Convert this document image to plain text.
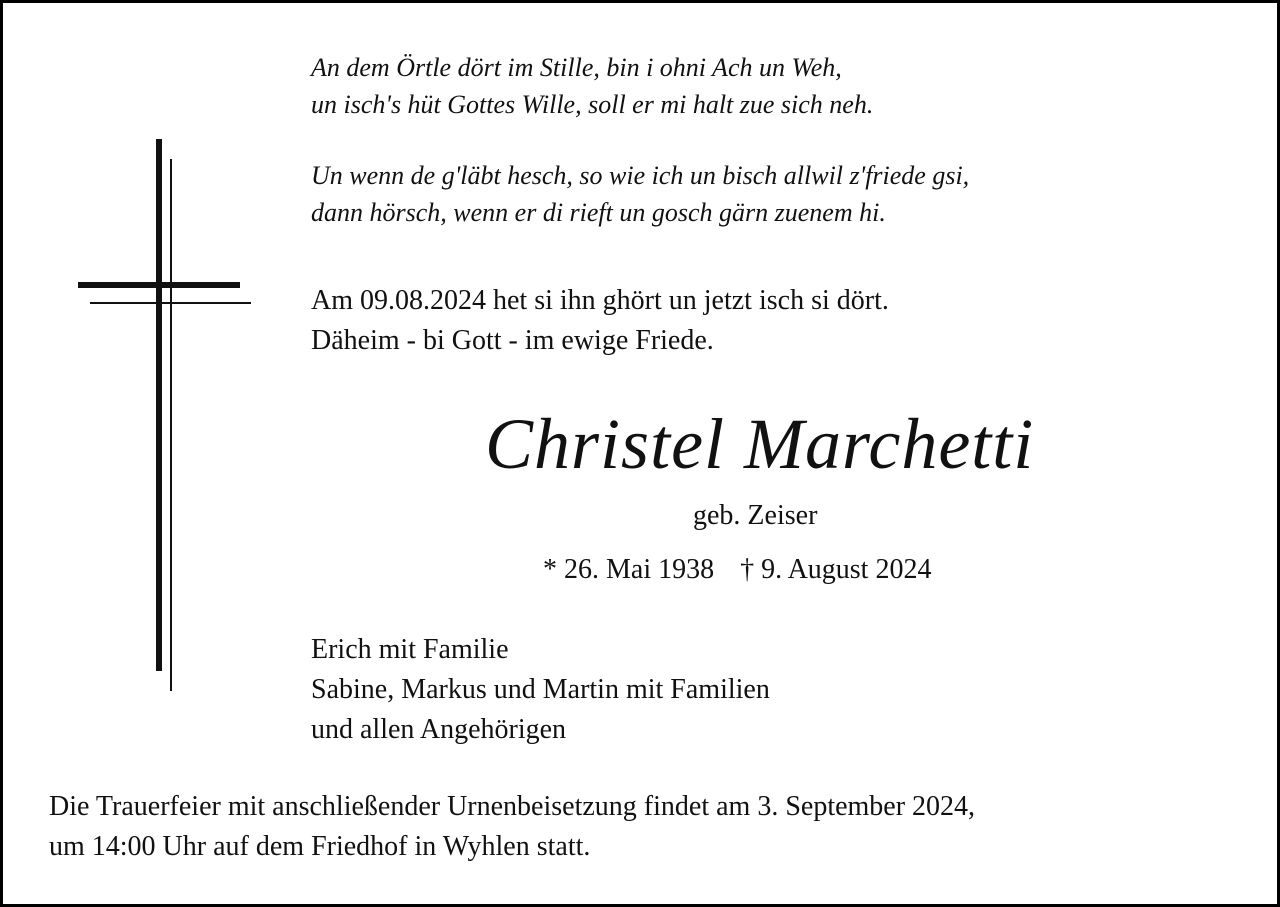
An dem Örtle dört im Stille, bin i ohni Ach un Weh,

un isch's hüt Gottes Wille, soll er mi halt zue sich neh.

Un wenn de g'läbt hesch, so wie ich un bisch allwil z'friede gsi,

dann hörsch, wenn er di rieft un gosch gärn zuenem hi.

Am 09.08.2024 het si ihn ghört un jetzt isch si dört.

Däheim - bi Gott - im ewige Friede.

Christel Marchetti
geb. Zeiser
* 26. Mai 1938 † 9. August 2024

Erich mit Familie

Sabine, Markus und Martin mit Familien

und allen Angehörigen

Die Trauerfeier mit anschließender Urnenbeisetzung findet am 3. September 2024,

um 14:00 Uhr auf dem Friedhof in Wyhlen statt.
